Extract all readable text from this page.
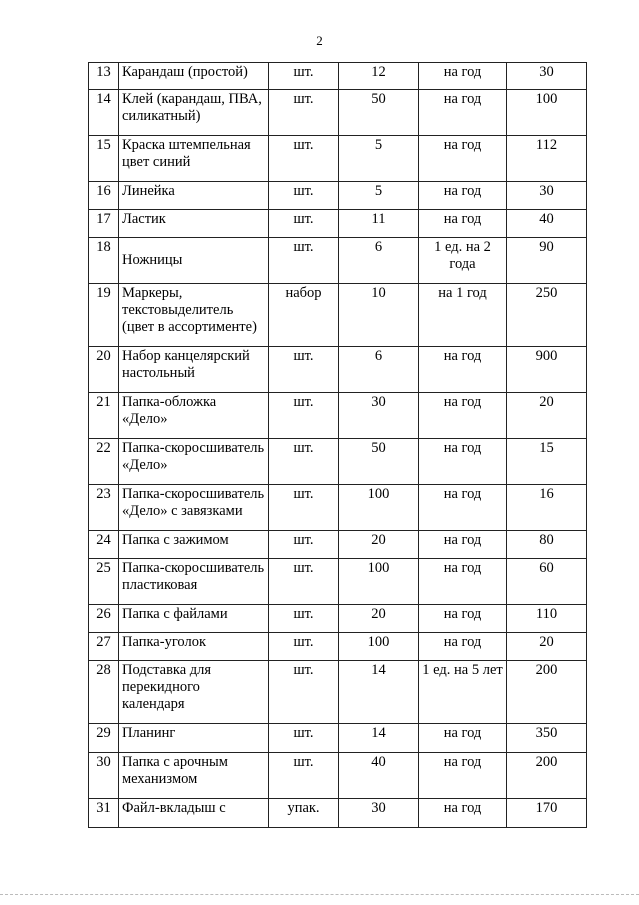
2
13	Карандаш (простой)	шт.	12	на год	30
14	Клей (карандаш, ПВА, силикатный)	шт.	50	на год	100
15	Краска штемпельная цвет синий	шт.	5	на год	112
16	Линейка	шт.	5	на год	30
17	Ластик	шт.	11	на год	40
18	Ножницы	шт.	6	1 ед. на 2 года	90
19	Маркеры, текстовыделитель (цвет в ассортименте)	набор	10	на 1 год	250
20	Набор канцелярский настольный	шт.	6	на год	900
21	Папка-обложка «Дело»	шт.	30	на год	20
22	Папка-скоросшиватель «Дело»	шт.	50	на год	15
23	Папка-скоросшиватель «Дело» с завязками	шт.	100	на год	16
24	Папка с зажимом	шт.	20	на год	80
25	Папка-скоросшиватель пластиковая	шт.	100	на год	60
26	Папка с файлами	шт.	20	на год	110
27	Папка-уголок	шт.	100	на год	20
28	Подставка для перекидного календаря	шт.	14	1 ед. на 5 лет	200
29	Планинг	шт.	14	на год	350
30	Папка с арочным механизмом	шт.	40	на год	200
31	Файл-вкладыш с	упак.	30	на год	170
